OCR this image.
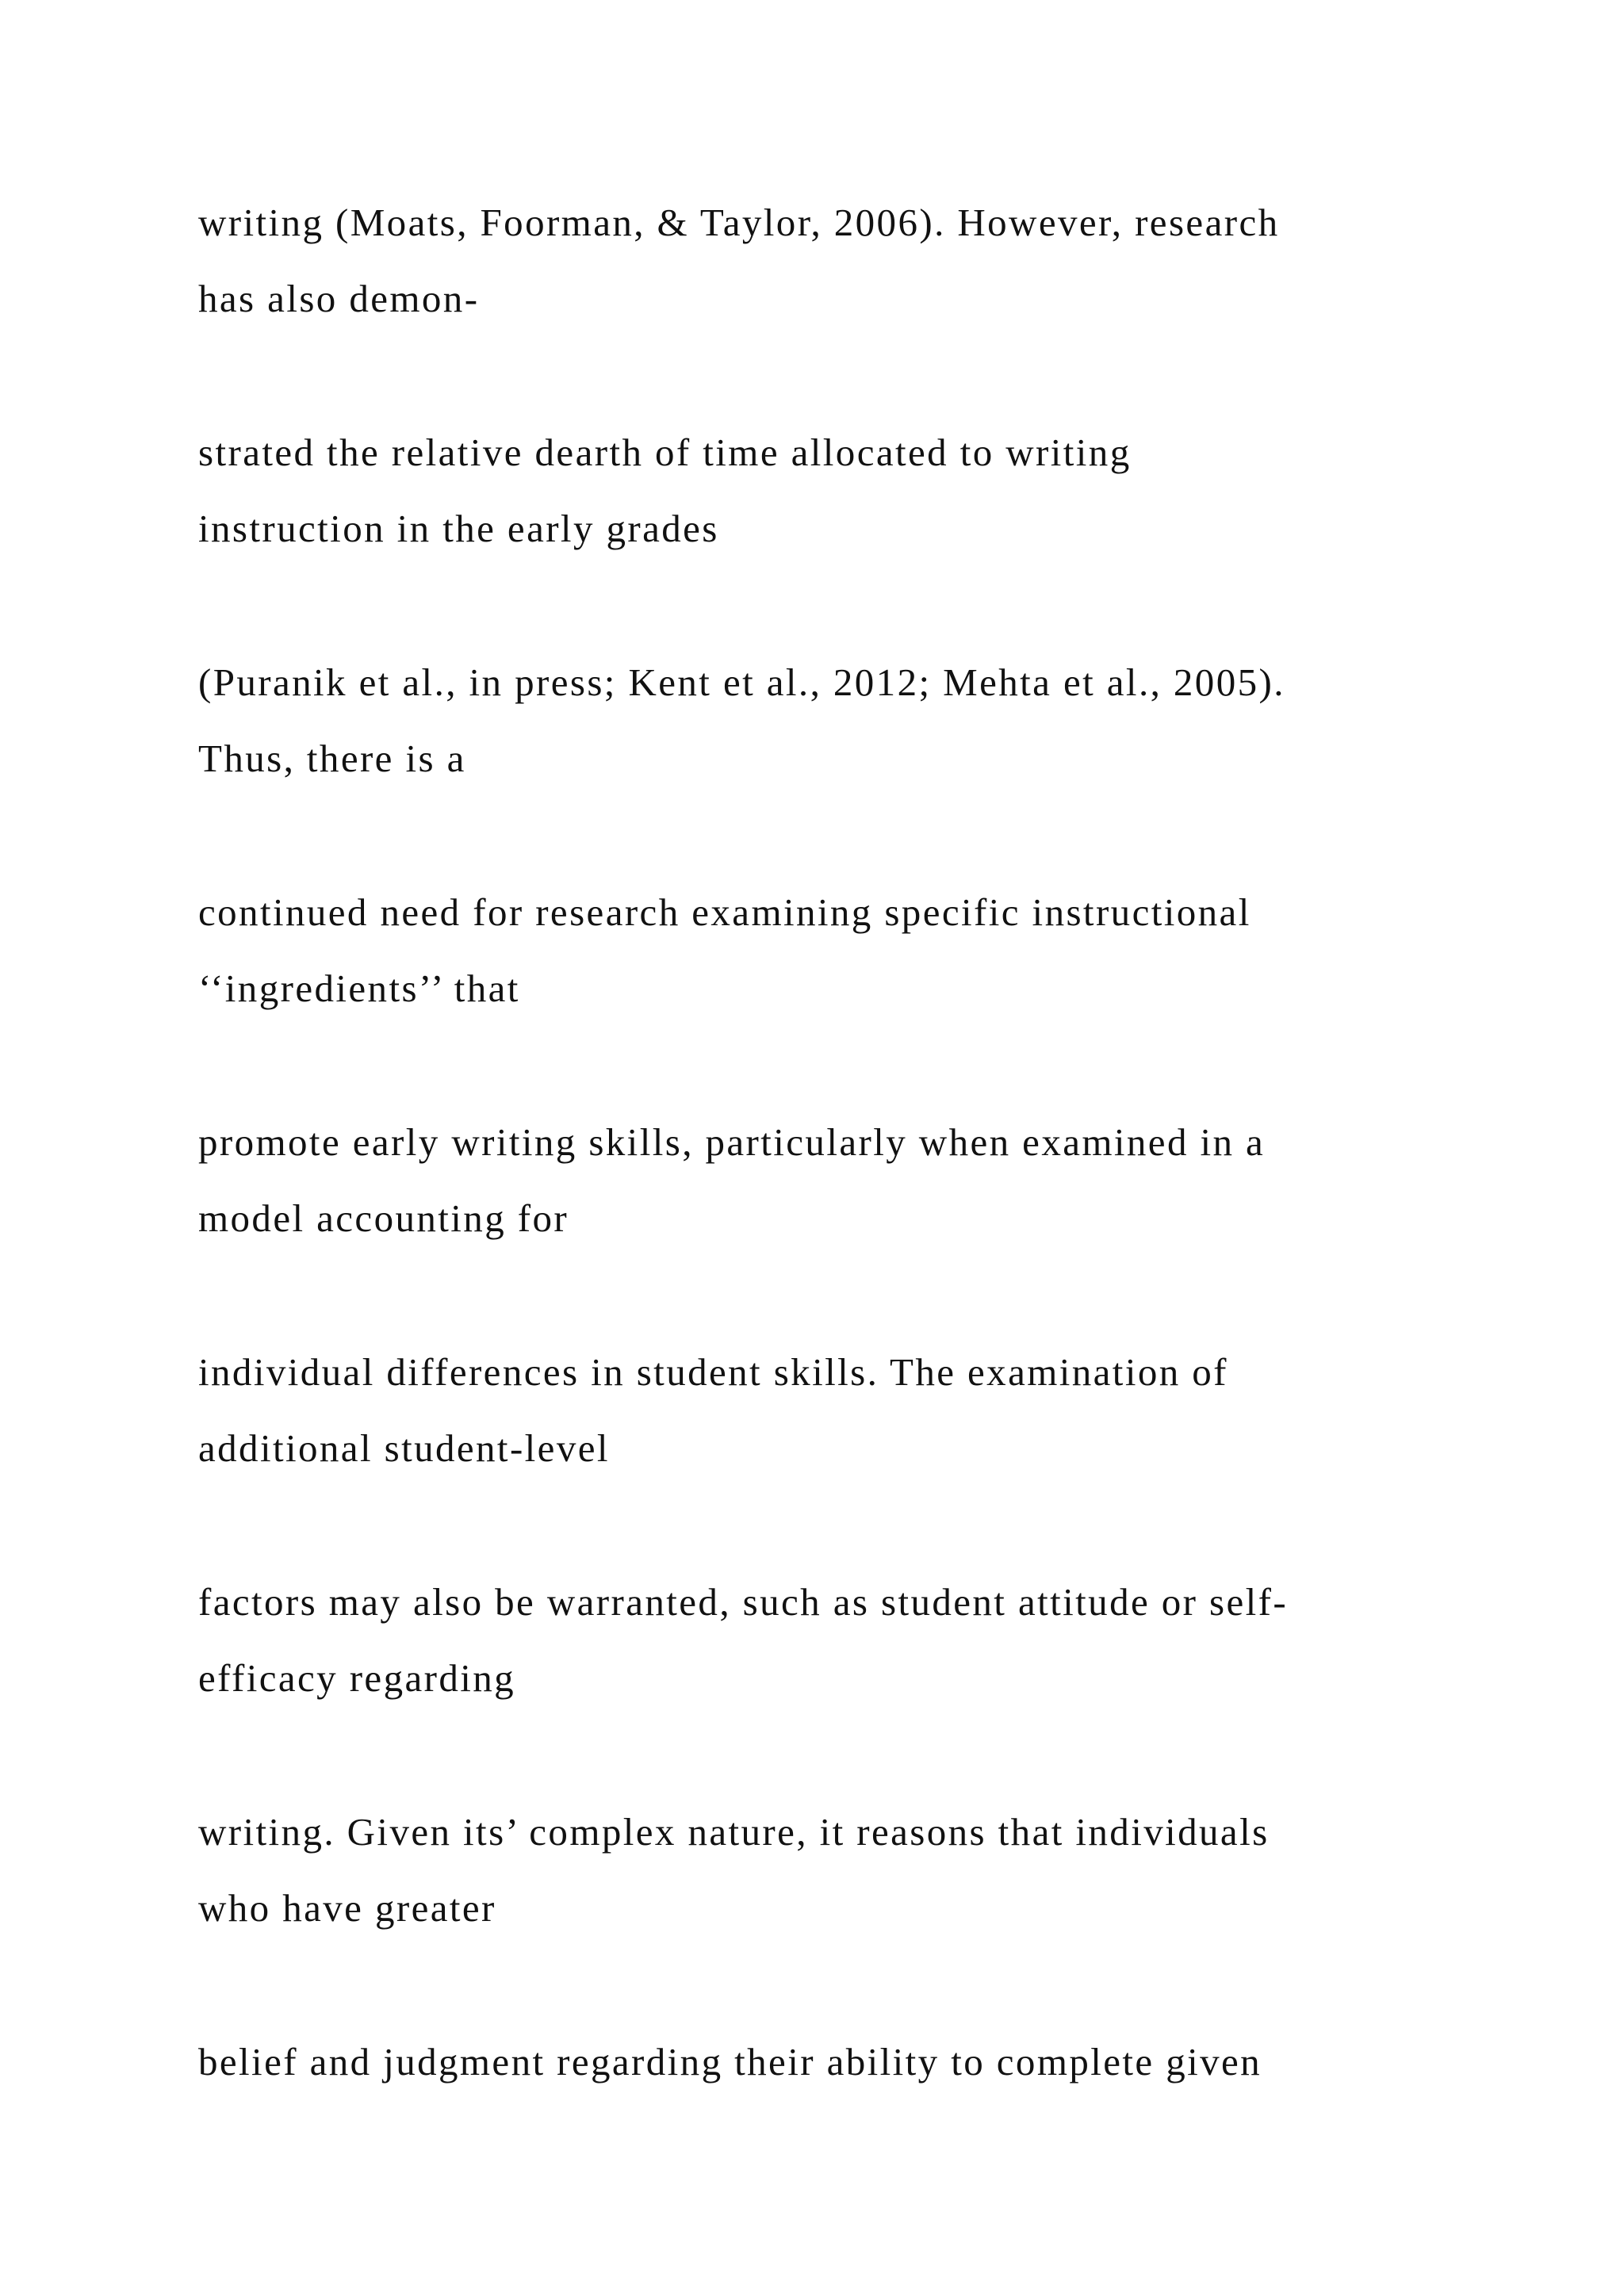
writing (Moats, Foorman, & Taylor, 2006). However, research
has also demon-

strated the relative dearth of time allocated to writing
instruction in the early grades

(Puranik et al., in press; Kent et al., 2012; Mehta et al., 2005).
Thus, there is a

continued need for research examining specific instructional
‘‘ingredients’’ that

promote early writing skills, particularly when examined in a
model accounting for

individual differences in student skills. The examination of
additional student-level

factors may also be warranted, such as student attitude or self-
efficacy regarding

writing. Given its’ complex nature, it reasons that individuals
who have greater

belief and judgment regarding their ability to complete given
